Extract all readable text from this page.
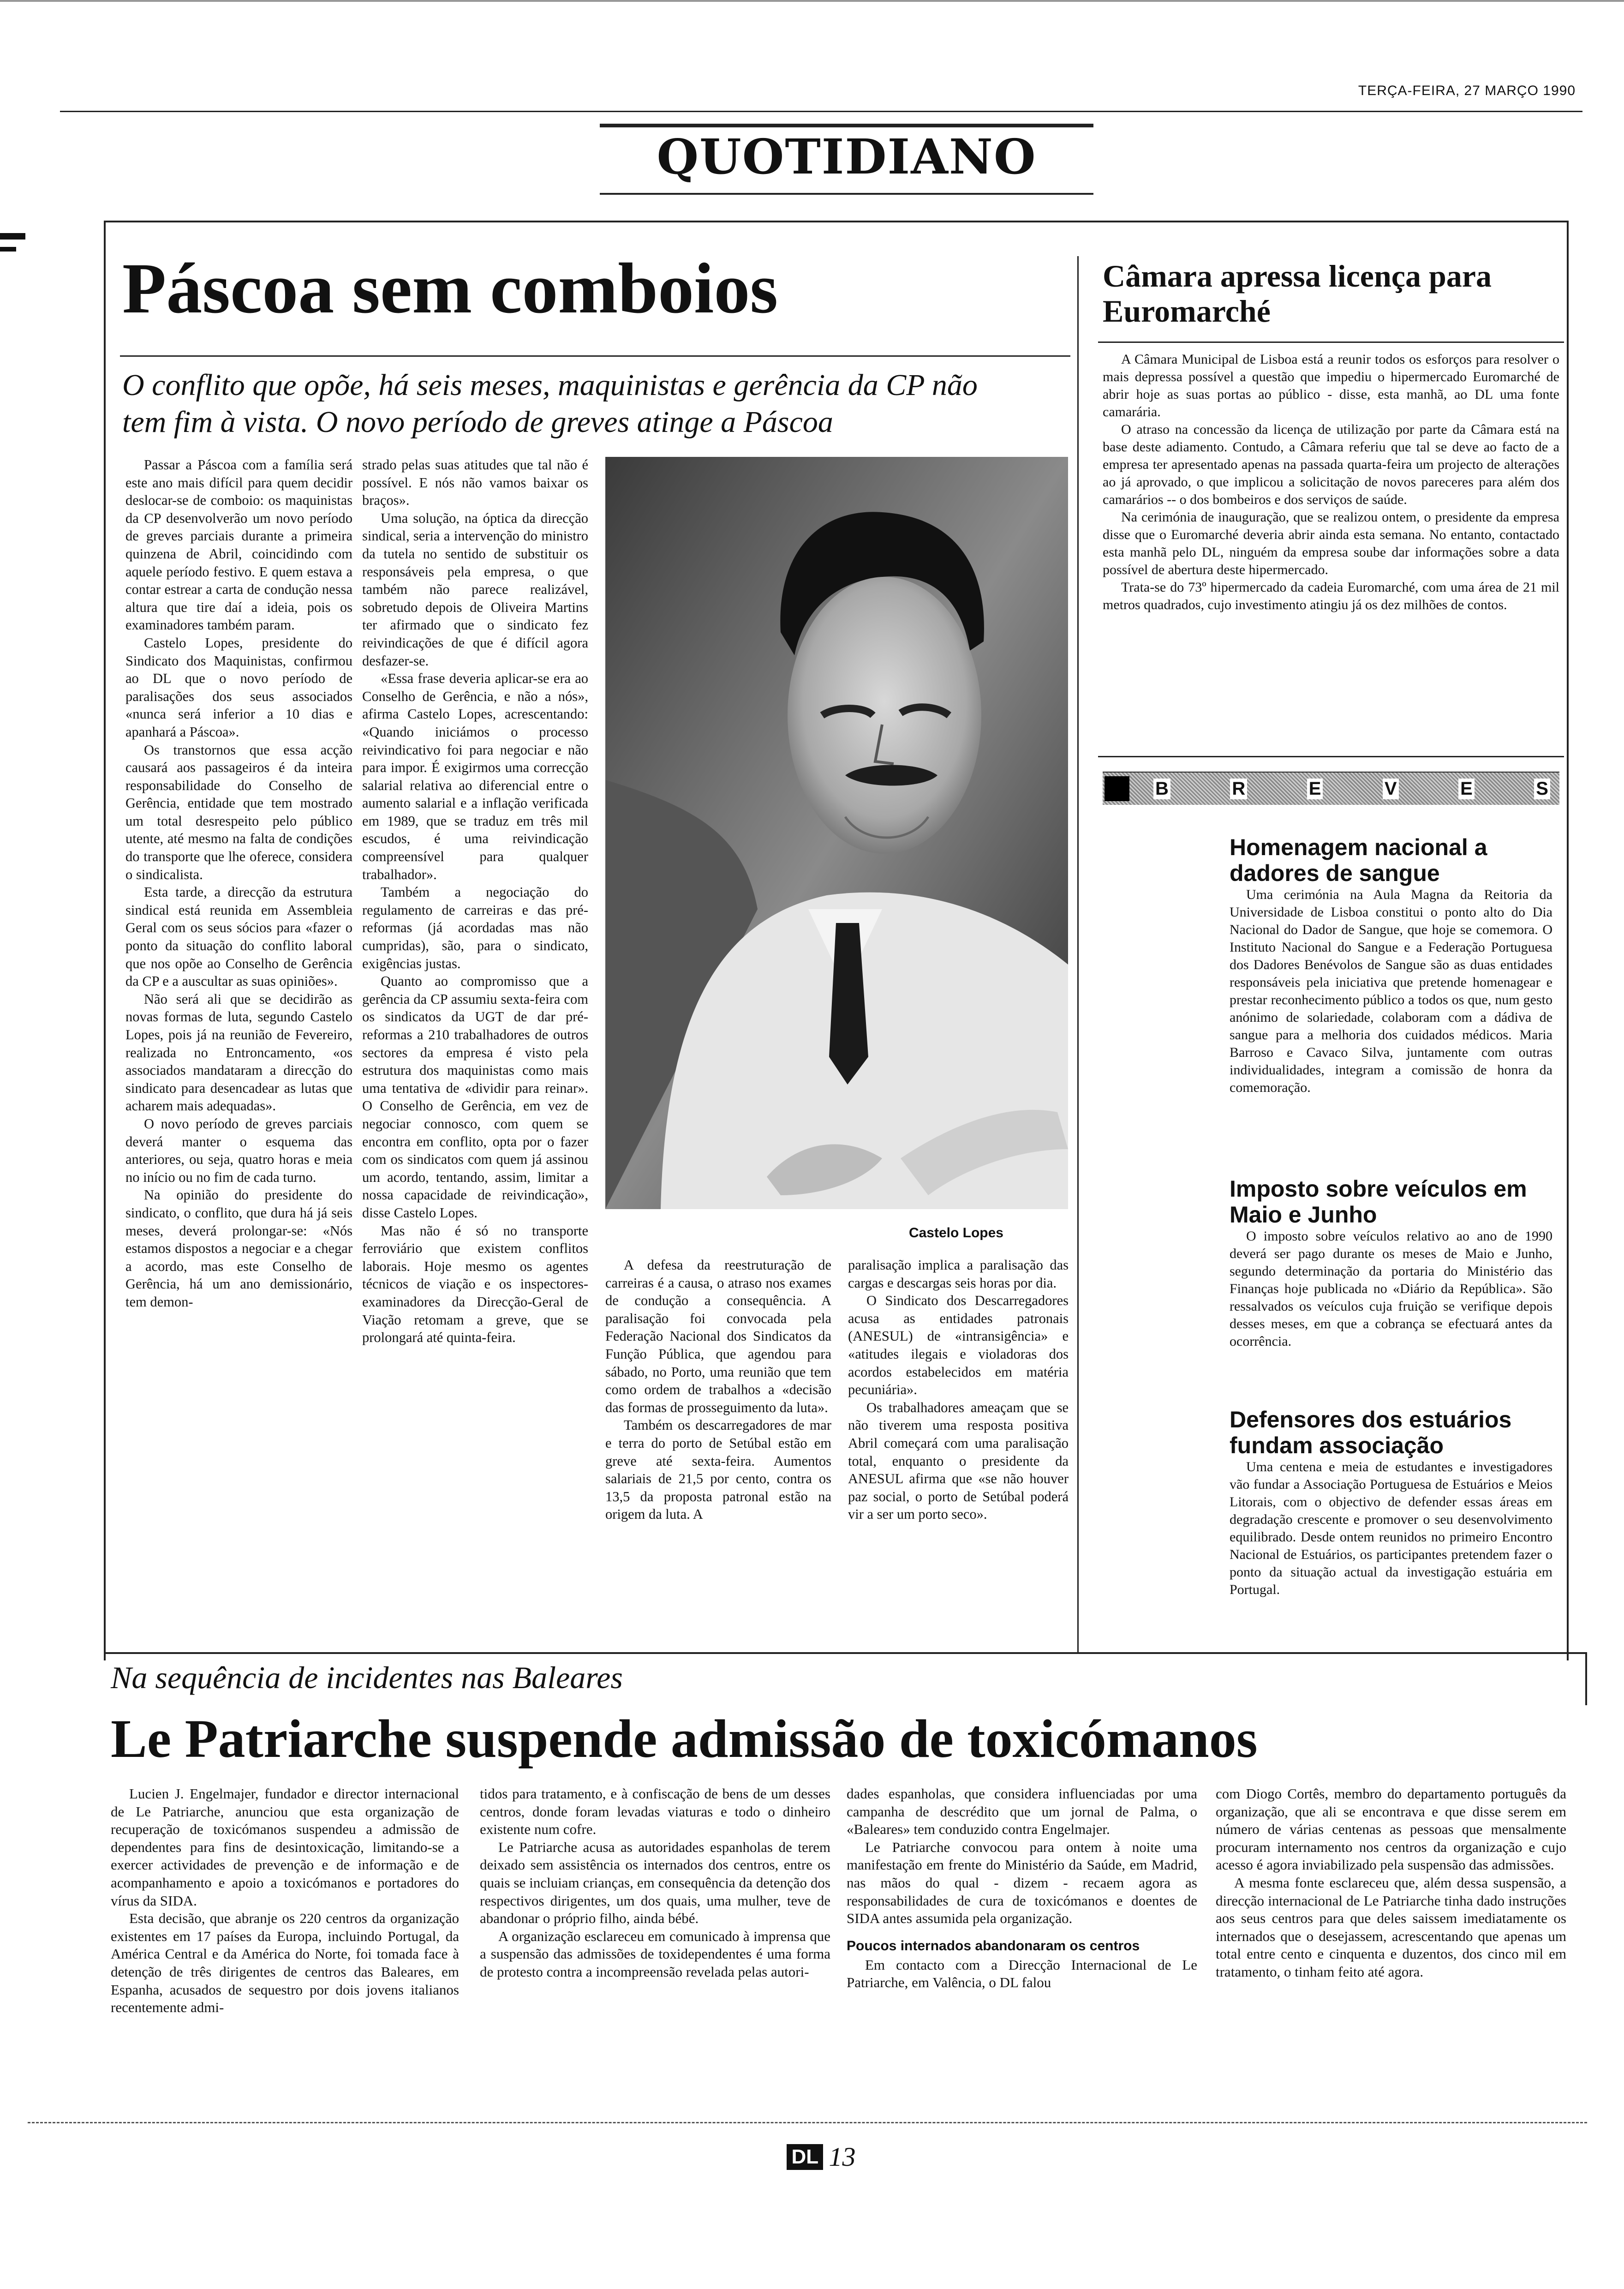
TERÇA-FEIRA, 27 MARÇO 1990
QUOTIDIANO
Páscoa sem comboios
O conflito que opõe, há seis meses, maquinistas e gerência da CP não tem fim à vista. O novo período de greves atinge a Páscoa

Passar a Páscoa com a família será este ano mais difícil para quem decidir deslocar-se de comboio: os maquinistas da CP desenvolverão um novo período de greves parciais durante a primeira quinzena de Abril, coincidindo com aquele período festivo. E quem estava a contar estrear a carta de condução nessa altura que tire daí a ideia, pois os examinadores também param.

Castelo Lopes, presidente do Sindicato dos Maquinistas, confirmou ao DL que o novo período de paralisações dos seus associados «nunca será inferior a 10 dias e apanhará a Páscoa».

Os transtornos que essa acção causará aos passageiros é da inteira responsabilidade do Conselho de Gerência, entidade que tem mostrado um total desrespeito pelo público utente, até mesmo na falta de condições do transporte que lhe oferece, considera o sindicalista.

Esta tarde, a direcção da estrutura sindical está reunida em Assembleia Geral com os seus sócios para «fazer o ponto da situação do conflito laboral que nos opõe ao Conselho de Gerência da CP e a auscultar as suas opiniões».

Não será ali que se decidirão as novas formas de luta, segundo Castelo Lopes, pois já na reunião de Fevereiro, realizada no Entroncamento, «os associados mandataram a direcção do sindicato para desencadear as lutas que acharem mais adequadas».

O novo período de greves parciais deverá manter o esquema das anteriores, ou seja, quatro horas e meia no início ou no fim de cada turno.

Na opinião do presidente do sindicato, o conflito, que dura há já seis meses, deverá prolongar-se: «Nós estamos dispostos a negociar e a chegar a acordo, mas este Conselho de Gerência, há um ano demissionário, tem demon-

strado pelas suas atitudes que tal não é possível. E nós não vamos baixar os braços».

Uma solução, na óptica da direcção sindical, seria a intervenção do ministro da tutela no sentido de substituir os responsáveis pela empresa, o que também não parece realizável, sobretudo depois de Oliveira Martins ter afirmado que o sindicato fez reivindicações de que é difícil agora desfazer-se.

«Essa frase deveria aplicar-se era ao Conselho de Gerência, e não a nós», afirma Castelo Lopes, acrescentando: «Quando iniciámos o processo reivindicativo foi para negociar e não para impor. É exigirmos uma correcção salarial relativa ao diferencial entre o aumento salarial e a inflação verificada em 1989, que se traduz em três mil escudos, é uma reivindicação compreensível para qualquer trabalhador».

Também a negociação do regulamento de carreiras e das pré-reformas (já acordadas mas não cumpridas), são, para o sindicato, exigências justas.

Quanto ao compromisso que a gerência da CP assumiu sexta-feira com os sindicatos da UGT de dar pré-reformas a 210 trabalhadores de outros sectores da empresa é visto pela estrutura dos maquinistas como mais uma tentativa de «dividir para reinar». O Conselho de Gerência, em vez de negociar connosco, com quem se encontra em conflito, opta por o fazer com os sindicatos com quem já assinou um acordo, tentando, assim, limitar a nossa capacidade de reivindicação», disse Castelo Lopes.

Mas não é só no transporte ferroviário que existem conflitos laborais. Hoje mesmo os agentes técnicos de viação e os inspectores-examinadores da Direcção-Geral de Viação retomam a greve, que se prolongará até quinta-feira.

Castelo Lopes

A defesa da reestruturação de carreiras é a causa, o atraso nos exames de condução a consequência. A paralisação foi convocada pela Federação Nacional dos Sindicatos da Função Pública, que agendou para sábado, no Porto, uma reunião que tem como ordem de trabalhos a «decisão das formas de prosseguimento da luta».

Também os descarregadores de mar e terra do porto de Setúbal estão em greve até sexta-feira. Aumentos salariais de 21,5 por cento, contra os 13,5 da proposta patronal estão na origem da luta. A

paralisação implica a paralisação das cargas e descargas seis horas por dia.

O Sindicato dos Descarregadores acusa as entidades patronais (ANESUL) de «intransigência» e «atitudes ilegais e violadoras dos acordos estabelecidos em matéria pecuniária».

Os trabalhadores ameaçam que se não tiverem uma resposta positiva Abril começará com uma paralisação total, enquanto o presidente da ANESUL afirma que «se não houver paz social, o porto de Setúbal poderá vir a ser um porto seco».

Câmara apressa licença para Euromarché

A Câmara Municipal de Lisboa está a reunir todos os esforços para resolver o mais depressa possível a questão que impediu o hipermercado Euromarché de abrir hoje as suas portas ao público - disse, esta manhã, ao DL uma fonte camarária.

O atraso na concessão da licença de utilização por parte da Câmara está na base deste adiamento. Contudo, a Câmara referiu que tal se deve ao facto de a empresa ter apresentado apenas na passada quarta-feira um projecto de alterações ao já aprovado, o que implicou a solicitação de novos pareceres para além dos camarários -- o dos bombeiros e dos serviços de saúde.

Na cerimónia de inauguração, que se realizou ontem, o presidente da empresa disse que o Euromarché deveria abrir ainda esta semana. No entanto, contactado esta manhã pelo DL, ninguém da empresa soube dar informações sobre a data possível de abertura deste hipermercado.

Trata-se do 73º hipermercado da cadeia Euromarché, com uma área de 21 mil metros quadrados, cujo investimento atingiu já os dez milhões de contos.

B	R	E	V	E	S
Homenagem nacional a dadores de sangue

Uma cerimónia na Aula Magna da Reitoria da Universidade de Lisboa constitui o ponto alto do Dia Nacional do Dador de Sangue, que hoje se comemora. O Instituto Nacional do Sangue e a Federação Portuguesa dos Dadores Benévolos de Sangue são as duas entidades responsáveis pela iniciativa que pretende homenagear e prestar reconhecimento público a todos os que, num gesto anónimo de solariedade, colaboram com a dádiva de sangue para a melhoria dos cuidados médicos. Maria Barroso e Cavaco Silva, juntamente com outras individualidades, integram a comissão de honra da comemoração.

Imposto sobre veículos em Maio e Junho

O imposto sobre veículos relativo ao ano de 1990 deverá ser pago durante os meses de Maio e Junho, segundo determinação da portaria do Ministério das Finanças hoje publicada no «Diário da República». São ressalvados os veículos cuja fruição se verifique depois desses meses, em que a cobrança se efectuará antes da ocorrência.

Defensores dos estuários fundam associação

Uma centena e meia de estudantes e investigadores vão fundar a Associação Portuguesa de Estuários e Meios Litorais, com o objectivo de defender essas áreas em degradação crescente e promover o seu desenvolvimento equilibrado. Desde ontem reunidos no primeiro Encontro Nacional de Estuários, os participantes pretendem fazer o ponto da situação actual da investigação estuária em Portugal.

Na sequência de incidentes nas Baleares
Le Patriarche suspende admissão de toxicómanos

Lucien J. Engelmajer, fundador e director internacional de Le Patriarche, anunciou que esta organização de recuperação de toxicómanos suspendeu a admissão de dependentes para fins de desintoxicação, limitando-se a exercer actividades de prevenção e de informação e de acompanhamento e apoio a toxicómanos e portadores do vírus da SIDA.

Esta decisão, que abranje os 220 centros da organização existentes em 17 países da Europa, incluindo Portugal, da América Central e da América do Norte, foi tomada face à detenção de três dirigentes de centros das Baleares, em Espanha, acusados de sequestro por dois jovens italianos recentemente admi-

tidos para tratamento, e à confiscação de bens de um desses centros, donde foram levadas viaturas e todo o dinheiro existente num cofre.

Le Patriarche acusa as autoridades espanholas de terem deixado sem assistência os internados dos centros, entre os quais se incluiam crianças, em consequência da detenção dos respectivos dirigentes, um dos quais, uma mulher, teve de abandonar o próprio filho, ainda bébé.

A organização esclareceu em comunicado à imprensa que a suspensão das admissões de toxidependentes é uma forma de protesto contra a incompreensão revelada pelas autori-

dades espanholas, que considera influenciadas por uma campanha de descrédito que um jornal de Palma, o «Baleares» tem conduzido contra Engelmajer.

Le Patriarche convocou para ontem à noite uma manifestação em frente do Ministério da Saúde, em Madrid, nas mãos do qual - dizem - recaem agora as responsabilidades de cura de toxicómanos e doentes de SIDA antes assumida pela organização.

Poucos internados abandonaram os centros

Em contacto com a Direcção Internacional de Le Patriarche, em Valência, o DL falou

com Diogo Cortês, membro do departamento português da organização, que ali se encontrava e que disse serem em número de várias centenas as pessoas que mensalmente procuram internamento nos centros da organização e cujo acesso é agora inviabilizado pela suspensão das admissões.

A mesma fonte esclareceu que, além dessa suspensão, a direcção internacional de Le Patriarche tinha dado instruções aos seus centros para que deles saissem imediatamente os internados que o desejassem, acrescentando que apenas um total entre cento e cinquenta e duzentos, dos cinco mil em tratamento, o tinham feito até agora.

DL 13
